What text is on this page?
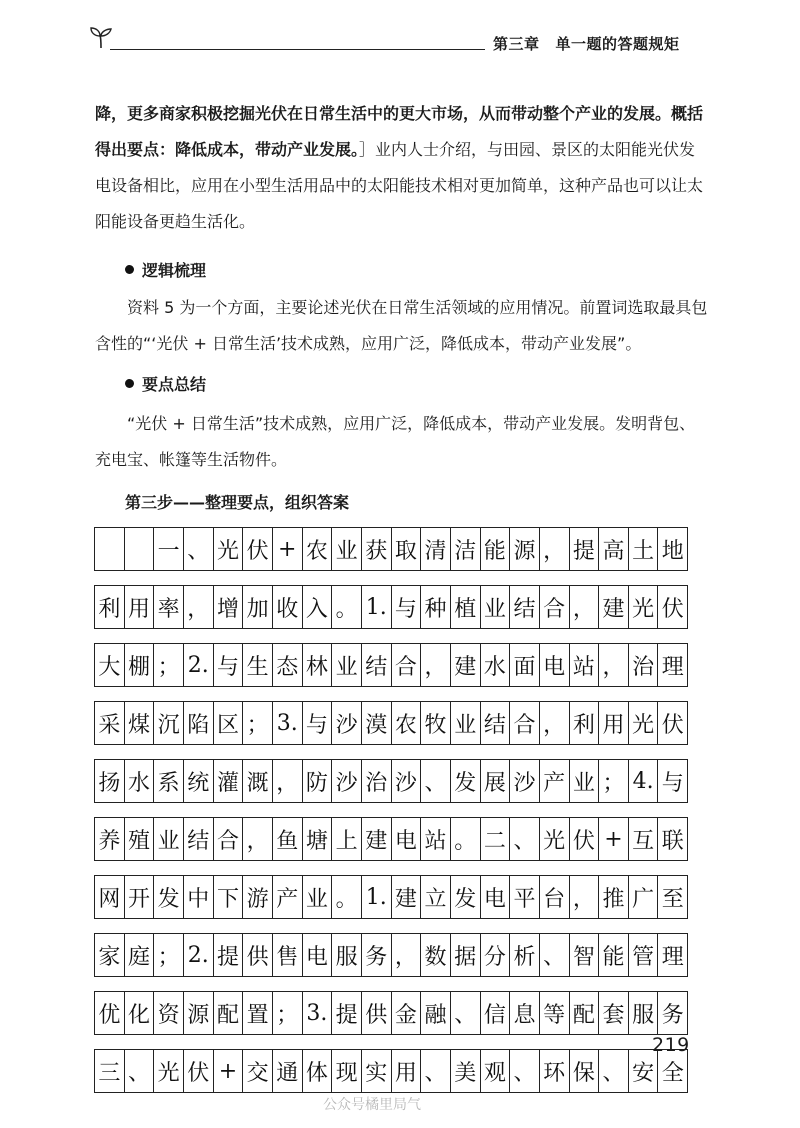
第三章 单一题的答题规矩

降，更多商家积极挖掘光伏在日常生活中的更大市场，从而带动整个产业的发展。概括得出要点：降低成本，带动产业发展。］业内人士介绍，与田园、景区的太阳能光伏发电设备相比，应用在小型生活用品中的太阳能技术相对更加简单，这种产品也可以让太阳能设备更趋生活化。

逻辑梳理

资料 5 为一个方面，主要论述光伏在日常生活领域的应用情况。前置词选取最具包含性的“‘光伏 + 日常生活’技术成熟，应用广泛，降低成本，带动产业发展”。

要点总结

“光伏 + 日常生活”技术成熟，应用广泛，降低成本，带动产业发展。发明背包、充电宝、帐篷等生活物件。

第三步——整理要点，组织答案
一 、 光 伏 + 农 业 获 取 清 洁 能 源 ， 提 高 土 地
利 用 率 ， 增 加 收 入 。 1. 与 种 植 业 结 合 ， 建 光 伏
大 棚 ； 2. 与 生 态 林 业 结 合 ， 建 水 面 电 站 ， 治 理
采 煤 沉 陷 区 ； 3. 与 沙 漠 农 牧 业 结 合 ， 利 用 光 伏
扬 水 系 统 灌 溉 ， 防 沙 治 沙 、 发 展 沙 产 业 ； 4. 与
养 殖 业 结 合 ， 鱼 塘 上 建 电 站 。 二 、 光 伏 + 互 联
网 开 发 中 下 游 产 业 。 1. 建 立 发 电 平 台 ， 推 广 至
家 庭 ； 2. 提 供 售 电 服 务 ， 数 据 分 析 、 智 能 管 理
优 化 资 源 配 置 ； 3. 提 供 金 融 、 信 息 等 配 套 服 务
三 、 光 伏 + 交 通 体 现 实 用 、 美 观 、 环 保 、 安 全
219
公众号橘里局气
